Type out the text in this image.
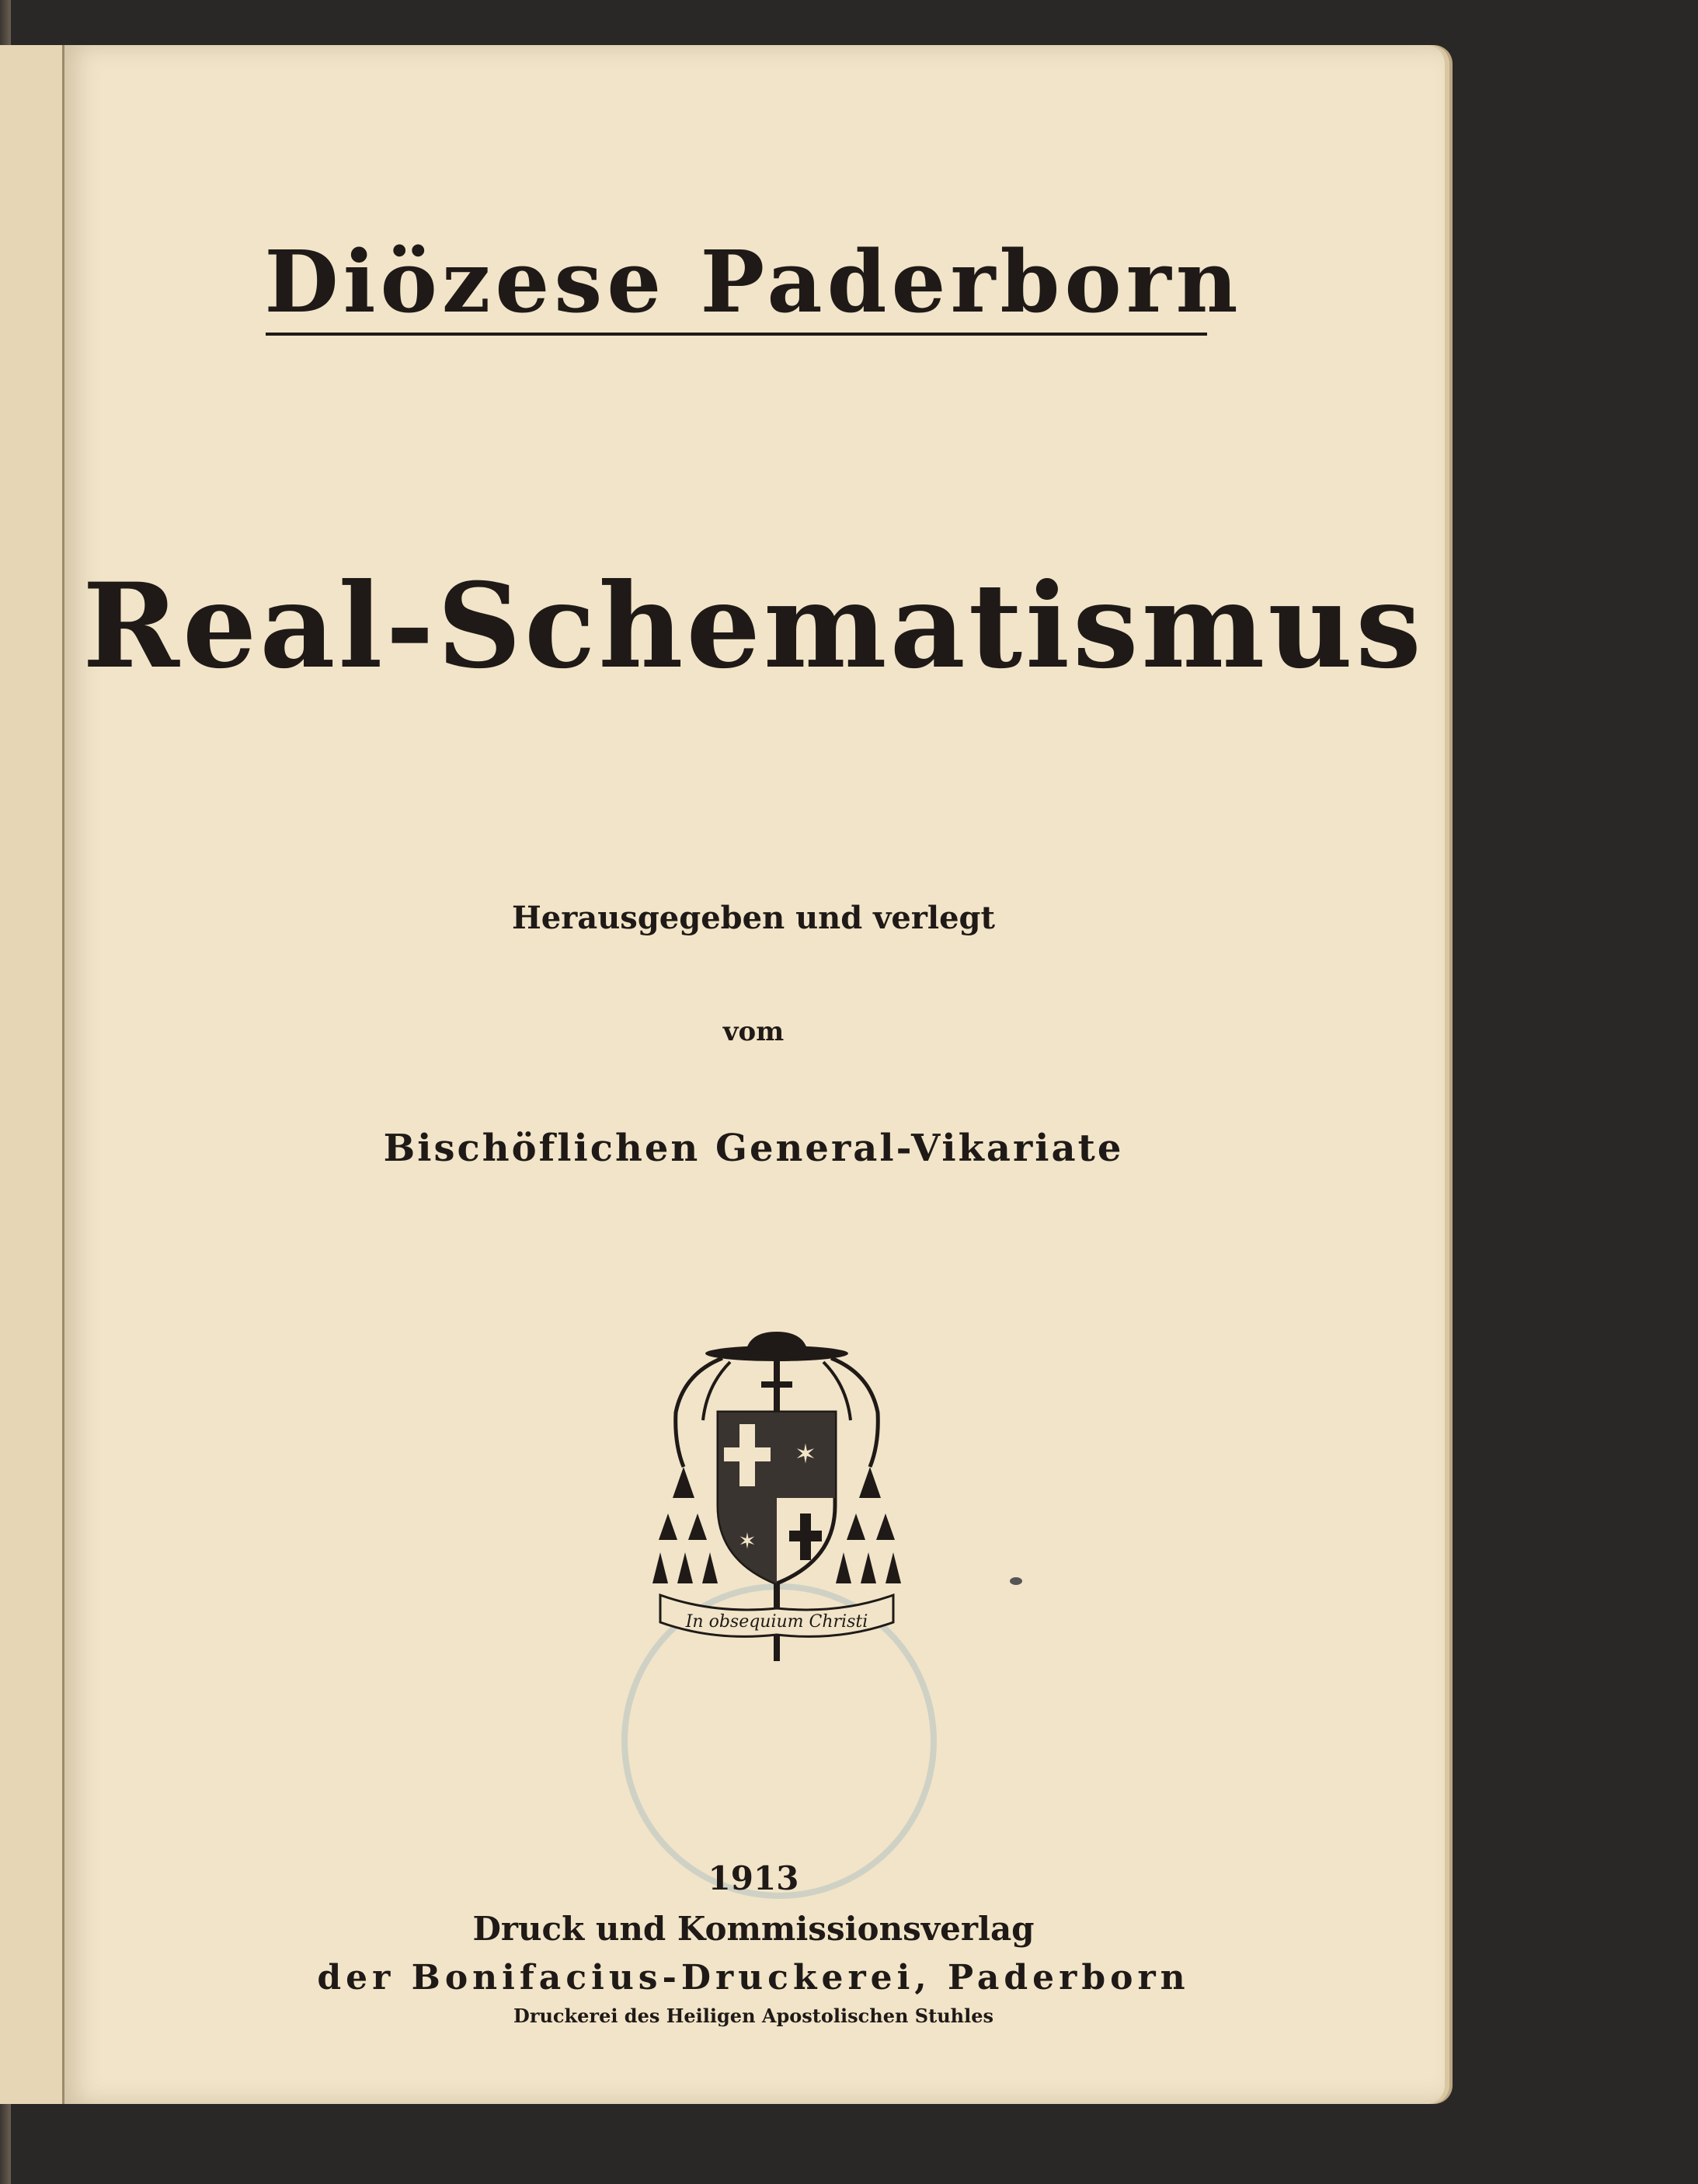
Diözese Paderborn
Real-Schematismus
Herausgegeben und verlegt
vom
Bischöflichen General-Vikariate
✶
✶
In obsequium Christi
1913
Druck und Kommissionsverlag
der Bonifacius-Druckerei, Paderborn
Druckerei des Heiligen Apostolischen Stuhles
